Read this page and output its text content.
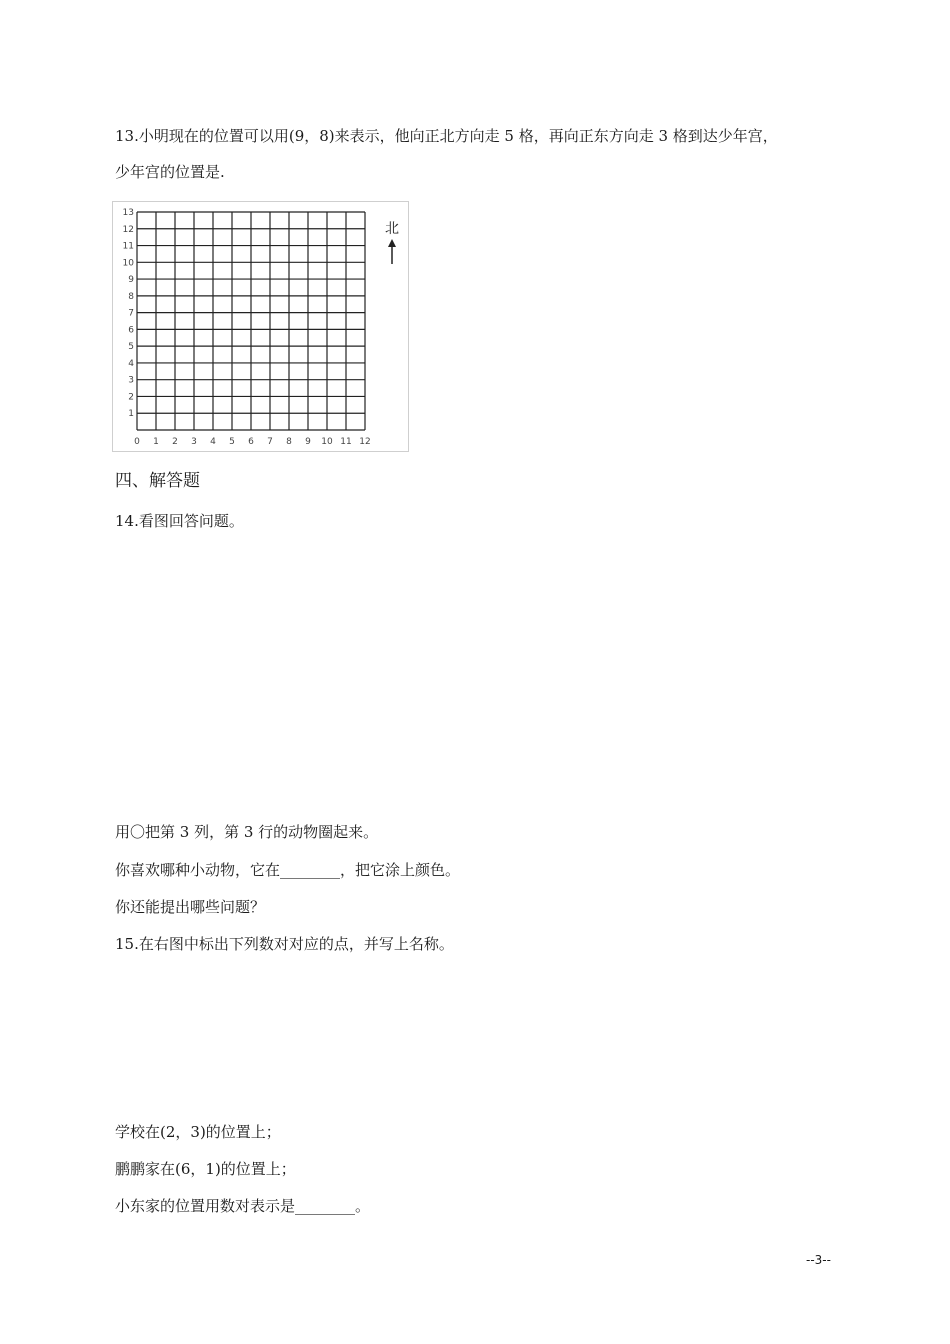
13.小明现在的位置可以用(9，8)来表示，他向正北方向走 5 格，再向正东方向走 3 格到达少年宫，
少年宫的位置是.
0 1 2 3 4 5 6 7 8 9 10 11 12
1
2
3
4
5
6
7
8
9
10
11
12
13
北
四、解答题
14.看图回答问题。
用〇把第 3 列，第 3 行的动物圈起来。
你喜欢哪种小动物，它在________，把它涂上颜色。
你还能提出哪些问题？
15.在右图中标出下列数对对应的点，并写上名称。
学校在(2，3)的位置上；
鹏鹏家在(6，1)的位置上；
小东家的位置用数对表示是________。
--3--
